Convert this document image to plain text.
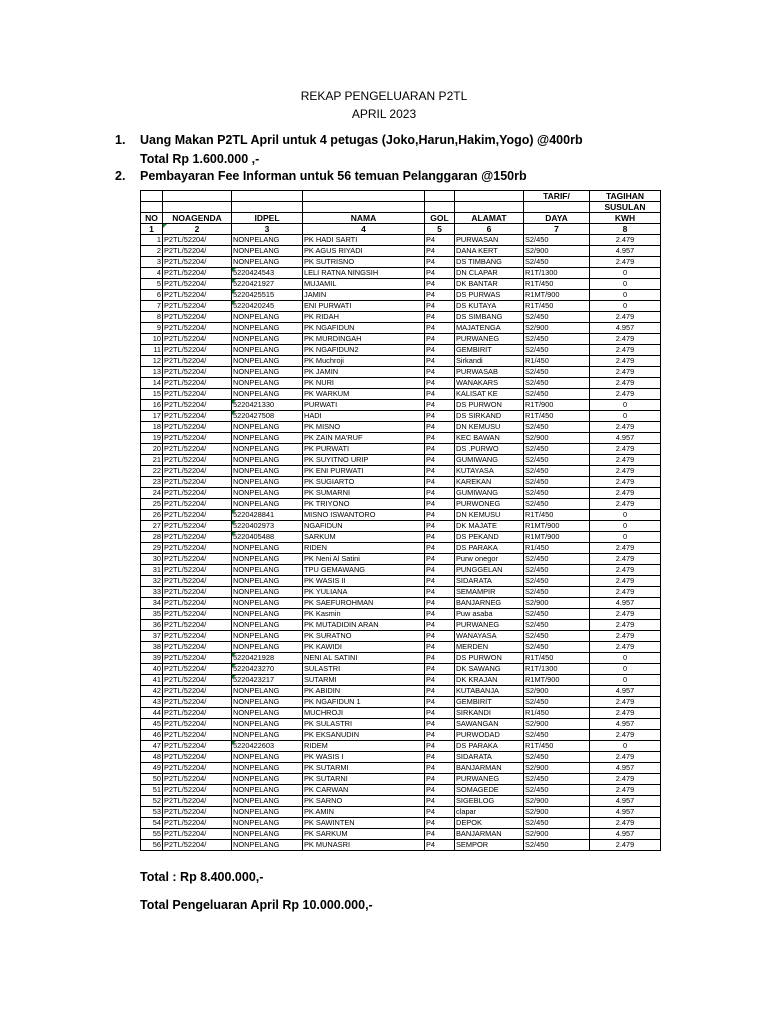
REKAP PENGELUARAN P2TL
APRIL 2023
1. Uang Makan P2TL April untuk 4 petugas (Joko,Harun,Hakim,Yogo) @400rb
Total Rp 1.600.000 ,-
2. Pembayaran Fee Informan untuk 56 temuan Pelanggaran @150rb
						TARIF/	TAGIHAN
							SUSULAN
NO	NOAGENDA	IDPEL	NAMA	GOL	ALAMAT	DAYA	KWH
1	2	3	4	5	6	7	8
1	P2TL/52204/	NONPELANG	PK HADI SARTI	P4	PURWASAN	S2/450	2.479
2	P2TL/52204/	NONPELANG	PK AGUS RIYADI	P4	DANA KERT	S2/900	4.957
3	P2TL/52204/	NONPELANG	PK SUTRISNO	P4	DS TIMBANG	S2/450	2.479
4	P2TL/52204/	5220424543	LELI RATNA NINGSIH	P4	DN CLAPAR	R1T/1300	0
5	P2TL/52204/	5220421927	MUJAMIL	P4	DK BANTAR	R1T/450	0
6	P2TL/52204/	5220425515	JAMIN	P4	DS PURWAS	R1MT/900	0
7	P2TL/52204/	5220420245	ENI PURWATI	P4	DS KUTAYA	R1T/450	0
8	P2TL/52204/	NONPELANG	PK RIDAH	P4	DS SIMBANG	S2/450	2.479
9	P2TL/52204/	NONPELANG	PK NGAFIDUN	P4	MAJATENGA	S2/900	4.957
10	P2TL/52204/	NONPELANG	PK MURDINGAH	P4	PURWANEG	S2/450	2.479
11	P2TL/52204/	NONPELANG	PK NGAFIDUN2	P4	GEMBIRIT	S2/450	2.479
12	P2TL/52204/	NONPELANG	PK Muchroji	P4	Sirkandi	R1/450	2.479
13	P2TL/52204/	NONPELANG	PK JAMIN	P4	PURWASAB	S2/450	2.479
14	P2TL/52204/	NONPELANG	PK NURI	P4	WANAKARS	S2/450	2.479
15	P2TL/52204/	NONPELANG	PK WARKUM	P4	KALISAT KE	S2/450	2.479
16	P2TL/52204/	5220421330	PURWATI	P4	DS PURWON	R1T/900	0
17	P2TL/52204/	5220427508	HADI	P4	DS SIRKAND	R1T/450	0
18	P2TL/52204/	NONPELANG	PK MISNO	P4	DN KEMUSU	S2/450	2.479
19	P2TL/52204/	NONPELANG	PK ZAIN MA'RUF	P4	KEC BAWAN	S2/900	4.957
20	P2TL/52204/	NONPELANG	PK PURWATI	P4	DS .PURWO	S2/450	2.479
21	P2TL/52204/	NONPELANG	PK SUYITNO URIP	P4	GUMIWANG	S2/450	2.479
22	P2TL/52204/	NONPELANG	PK ENI PURWATI	P4	KUTAYASA	S2/450	2.479
23	P2TL/52204/	NONPELANG	PK SUGIARTO	P4	KAREKAN	S2/450	2.479
24	P2TL/52204/	NONPELANG	PK SUMARNI	P4	GUMIWANG	S2/450	2.479
25	P2TL/52204/	NONPELANG	PK TRIYONO	P4	PURWONEG	S2/450	2.479
26	P2TL/52204/	5220428841	MISNO ISWANTORO	P4	DN KEMUSU	R1T/450	0
27	P2TL/52204/	5220402973	NGAFIDUN	P4	DK MAJATE	R1MT/900	0
28	P2TL/52204/	5220405488	SARKUM	P4	DS PEKAND	R1MT/900	0
29	P2TL/52204/	NONPELANG	RIDEN	P4	DS PARAKA	R1/450	2.479
30	P2TL/52204/	NONPELANG	PK Neni Al Satini	P4	Purw onegor	S2/450	2.479
31	P2TL/52204/	NONPELANG	TPU GEMAWANG	P4	PUNGGELAN	S2/450	2.479
32	P2TL/52204/	NONPELANG	PK WASIS II	P4	SIDARATA	S2/450	2.479
33	P2TL/52204/	NONPELANG	PK YULIANA	P4	SEMAMPIR	S2/450	2.479
34	P2TL/52204/	NONPELANG	PK SAEFUROHMAN	P4	BANJARNEG	S2/900	4.957
35	P2TL/52204/	NONPELANG	PK Kasmin	P4	Puw asaba	S2/450	2.479
36	P2TL/52204/	NONPELANG	PK MUTADIDIN ARAN	P4	PURWANEG	S2/450	2.479
37	P2TL/52204/	NONPELANG	PK SURATNO	P4	WANAYASA	S2/450	2.479
38	P2TL/52204/	NONPELANG	PK KAWIDI	P4	MERDEN	S2/450	2.479
39	P2TL/52204/	5220421928	NENI AL SATINI	P4	DS PURWON	R1T/450	0
40	P2TL/52204/	5220423270	SULASTRI	P4	DK SAWANG	R1T/1300	0
41	P2TL/52204/	5220423217	SUTARMI	P4	DK KRAJAN	R1MT/900	0
42	P2TL/52204/	NONPELANG	PK ABIDIN	P4	KUTABANJA	S2/900	4.957
43	P2TL/52204/	NONPELANG	PK NGAFIDUN 1	P4	GEMBIRIT	S2/450	2.479
44	P2TL/52204/	NONPELANG	MUCHROJI	P4	SIRKANDI	R1/450	2.479
45	P2TL/52204/	NONPELANG	PK SULASTRI	P4	SAWANGAN	S2/900	4.957
46	P2TL/52204/	NONPELANG	PK EKSANUDIN	P4	PURWODAD	S2/450	2.479
47	P2TL/52204/	5220422603	RIDEM	P4	DS PARAKA	R1T/450	0
48	P2TL/52204/	NONPELANG	PK WASIS I	P4	SIDARATA	S2/450	2.479
49	P2TL/52204/	NONPELANG	PK SUTARMI	P4	BANJARMAN	S2/900	4.957
50	P2TL/52204/	NONPELANG	PK SUTARNI	P4	PURWANEG	S2/450	2.479
51	P2TL/52204/	NONPELANG	PK CARWAN	P4	SOMAGEDE	S2/450	2.479
52	P2TL/52204/	NONPELANG	PK SARNO	P4	SIGEBLOG	S2/900	4.957
53	P2TL/52204/	NONPELANG	PK AMIN	P4	clapar	S2/900	4.957
54	P2TL/52204/	NONPELANG	PK SAWINTEN	P4	DEPOK	S2/450	2.479
55	P2TL/52204/	NONPELANG	PK SARKUM	P4	BANJARMAN	S2/900	4.957
56	P2TL/52204/	NONPELANG	PK MUNASRI	P4	SEMPOR	S2/450	2.479
Total : Rp 8.400.000,-
Total Pengeluaran April Rp 10.000.000,-
